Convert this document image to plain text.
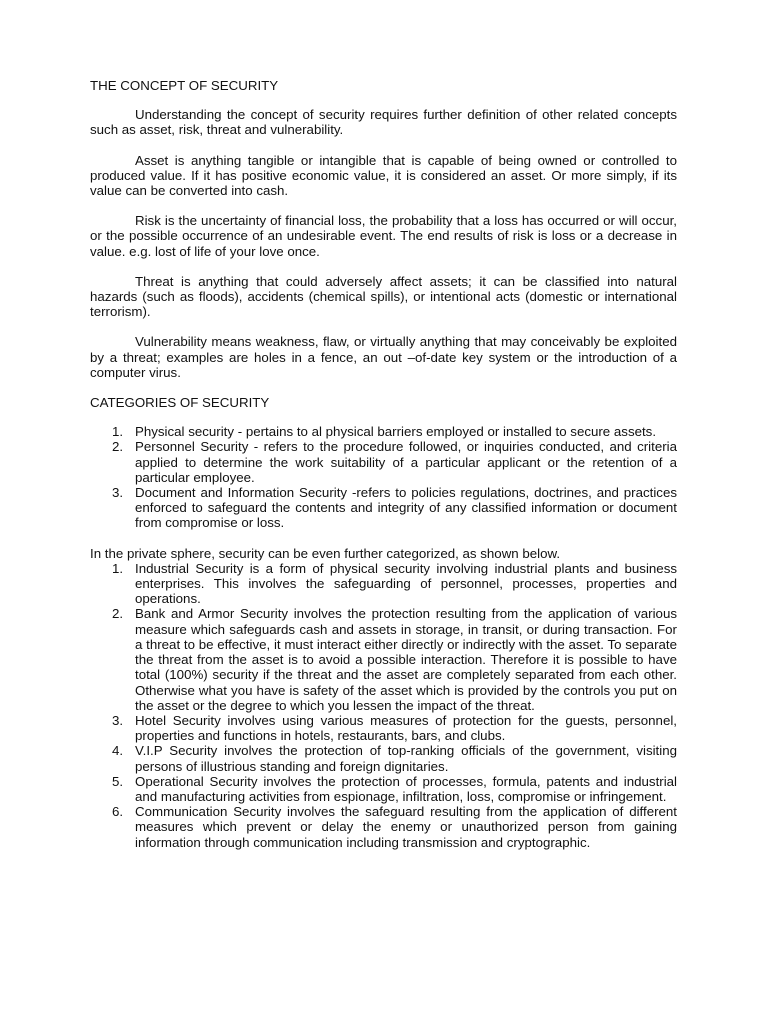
THE CONCEPT OF SECURITY

Understanding the concept of security requires further definition of other related concepts such as asset, risk, threat and vulnerability.

Asset is anything tangible or intangible that is capable of being owned or controlled to produced value. If it has positive economic value, it is considered an asset. Or more simply, if its value can be converted into cash.

Risk is the uncertainty of financial loss, the probability that a loss has occurred or will occur, or the possible occurrence of an undesirable event. The end results of risk is loss or a decrease in value. e.g. lost of life of your love once.

Threat is anything that could adversely affect assets; it can be classified into natural hazards (such as floods), accidents (chemical spills), or intentional acts (domestic or international terrorism).

Vulnerability means weakness, flaw, or virtually anything that may conceivably be exploited by a threat; examples are holes in a fence, an out –of-date key system or the introduction of a computer virus.

CATEGORIES OF SECURITY
1. Physical security - pertains to al physical barriers employed or installed to secure assets.
2. Personnel Security - refers to the procedure followed, or inquiries conducted, and criteria applied to determine the work suitability of a particular applicant or the retention of a particular employee.
3. Document and Information Security -refers to policies regulations, doctrines, and practices enforced to safeguard the contents and integrity of any classified information or document from compromise or loss.

In the private sphere, security can be even further categorized, as shown below.

1. Industrial Security is a form of physical security involving industrial plants and business enterprises. This involves the safeguarding of personnel, processes, properties and operations.
2. Bank and Armor Security involves the protection resulting from the application of various measure which safeguards cash and assets in storage, in transit, or during transaction. For a threat to be effective, it must interact either directly or indirectly with the asset. To separate the threat from the asset is to avoid a possible interaction. Therefore it is possible to have total (100%) security if the threat and the asset are completely separated from each other. Otherwise what you have is safety of the asset which is provided by the controls you put on the asset or the degree to which you lessen the impact of the threat.
3. Hotel Security involves using various measures of protection for the guests, personnel, properties and functions in hotels, restaurants, bars, and clubs.
4. V.I.P Security involves the protection of top-ranking officials of the government, visiting persons of illustrious standing and foreign dignitaries.
5. Operational Security involves the protection of processes, formula, patents and industrial and manufacturing activities from espionage, infiltration, loss, compromise or infringement.
6. Communication Security involves the safeguard resulting from the application of different measures which prevent or delay the enemy or unauthorized person from gaining information through communication including transmission and cryptographic.
